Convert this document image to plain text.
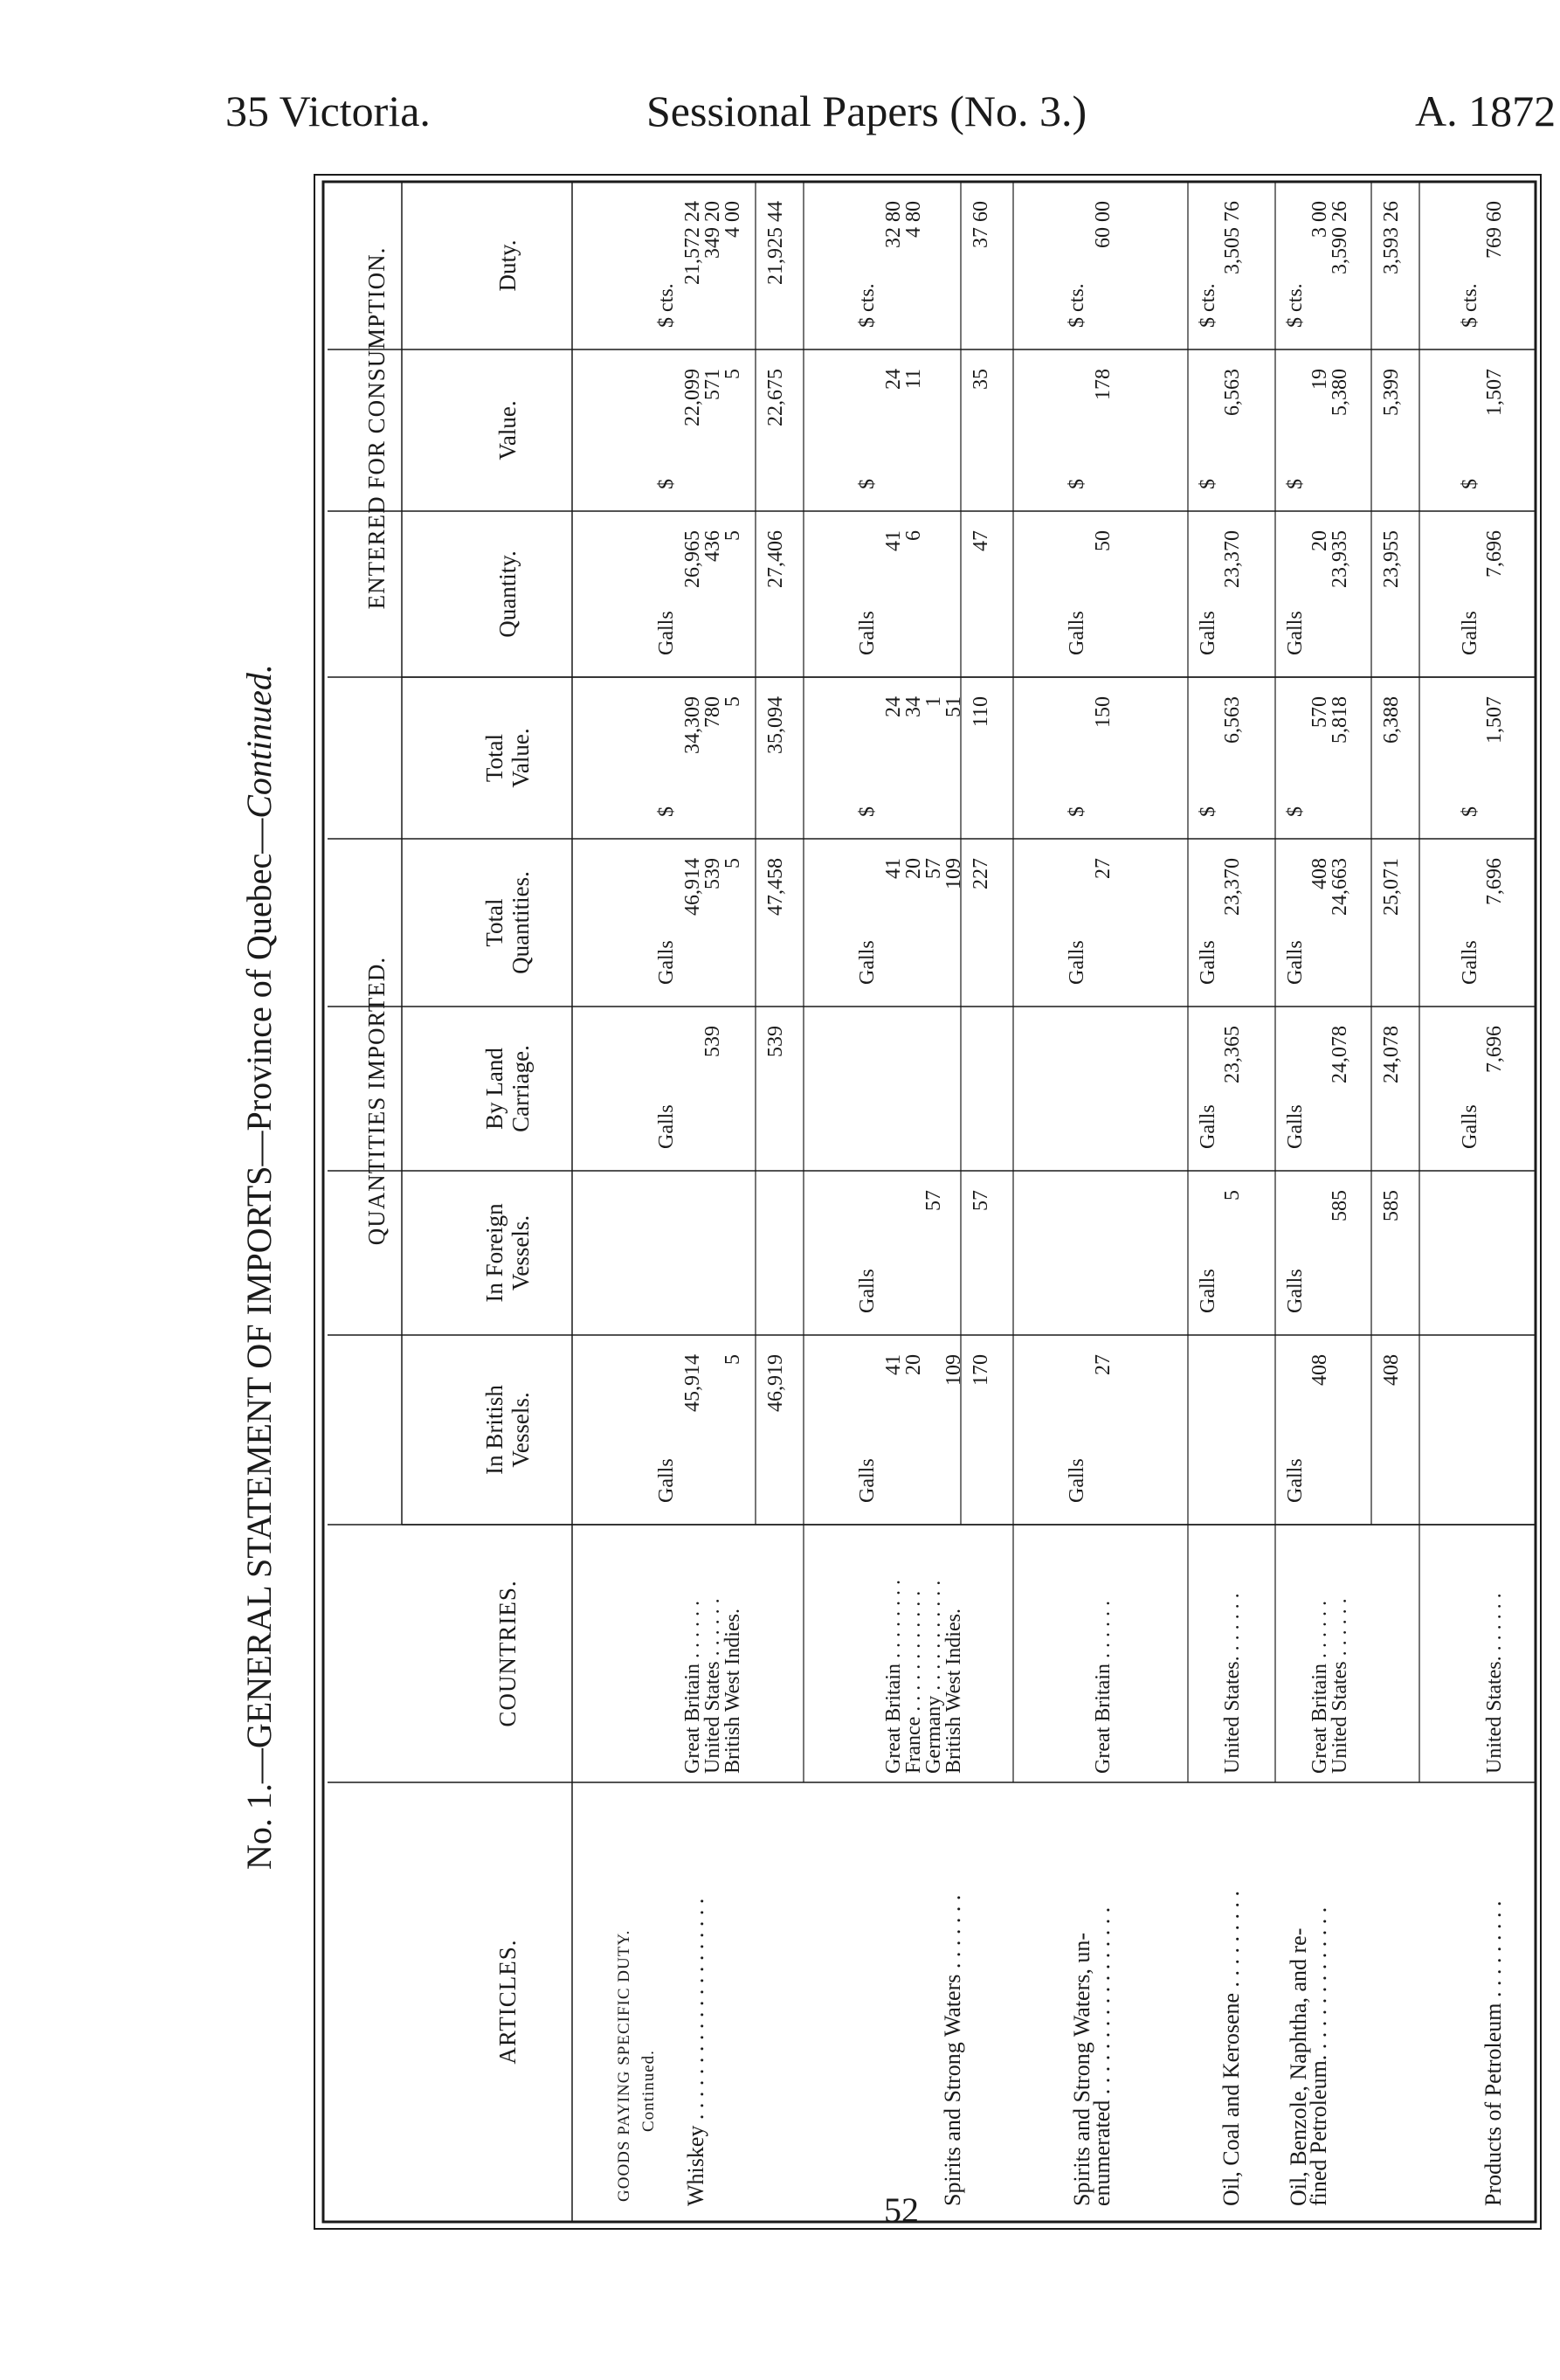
35 Victoria.	Sessional Papers (No. 3.)	A. 1872
No. 1.—GENERAL STATEMENT OF IMPORTS—Province of Quebec—Continued.
QUANTITIES IMPORTED.
ENTERED FOR CONSUMPTION.
ARTICLES.
COUNTRIES.
In British Vessels.
In Foreign Vessels.
By Land Carriage.
Total Quantities.
Total Value.
Quantity.
Value.
Duty.
GOODS PAYING SPECIFIC DUTY. Continued. Whiskey . . . . . . . . . . . . . . . . . . . .
Great Britain . . . . . .
United States . . . . . .
British West Indies.
Galls
Galls
Galls
$
Galls
$
$ cts.
45,914 5
539
46,914
539
5
34,309
780
5
26,965
436
5
22,099
571
5
21,572 24
349 20
4 00
46,919
539
47,458
35,094
27,406
22,675
21,925 44
Spirits and Strong Waters . . . . . . .
Great Britain . . . . . . . .
France . . . . . . . . . . . .
Germany . . . . . . . . . . .
British West Indies.
Galls
Galls
Galls
$
Galls
$
$ cts.
41
20 109
57
41
20
57
109
24
34
1
51
41
6
24
11
32 80
4 80
170
57
227
110
47
35
37 60
Spirits and Strong Waters, un-
enumerated . . . . . . . . . . . . . . . . .
Great Britain . . . . . .
Galls
Galls
$
Galls
$
$ cts.
27
27
150
50
178
60 00
Oil, Coal and Kerosene . . . . . . . . .
United States. . . . . . .
Galls
Galls
Galls
$
Galls
$
$ cts.
5
23,365
23,370
6,563
23,370
6,563
3,505 76
Oil, Benzole, Naphtha, and re-
fined Petroleum. . . . . . . . . . . . . .
Great Britain . . . . . .
United States . . . . . .
Galls
Galls
Galls
Galls
$
Galls
$
$ cts.
408
585
24,078
408
24,663
570
5,818
20
23,935
19
5,380
3 00
3,590 26
408
585
24,078
25,071
6,388
23,955
5,399
3,593 26
Products of Petroleum . . . . . . . . .
United States. . . . . . .
Galls
Galls
$
Galls
$
$ cts.
7,696
7,696
1,507
7,696
1,507
769 60
52
